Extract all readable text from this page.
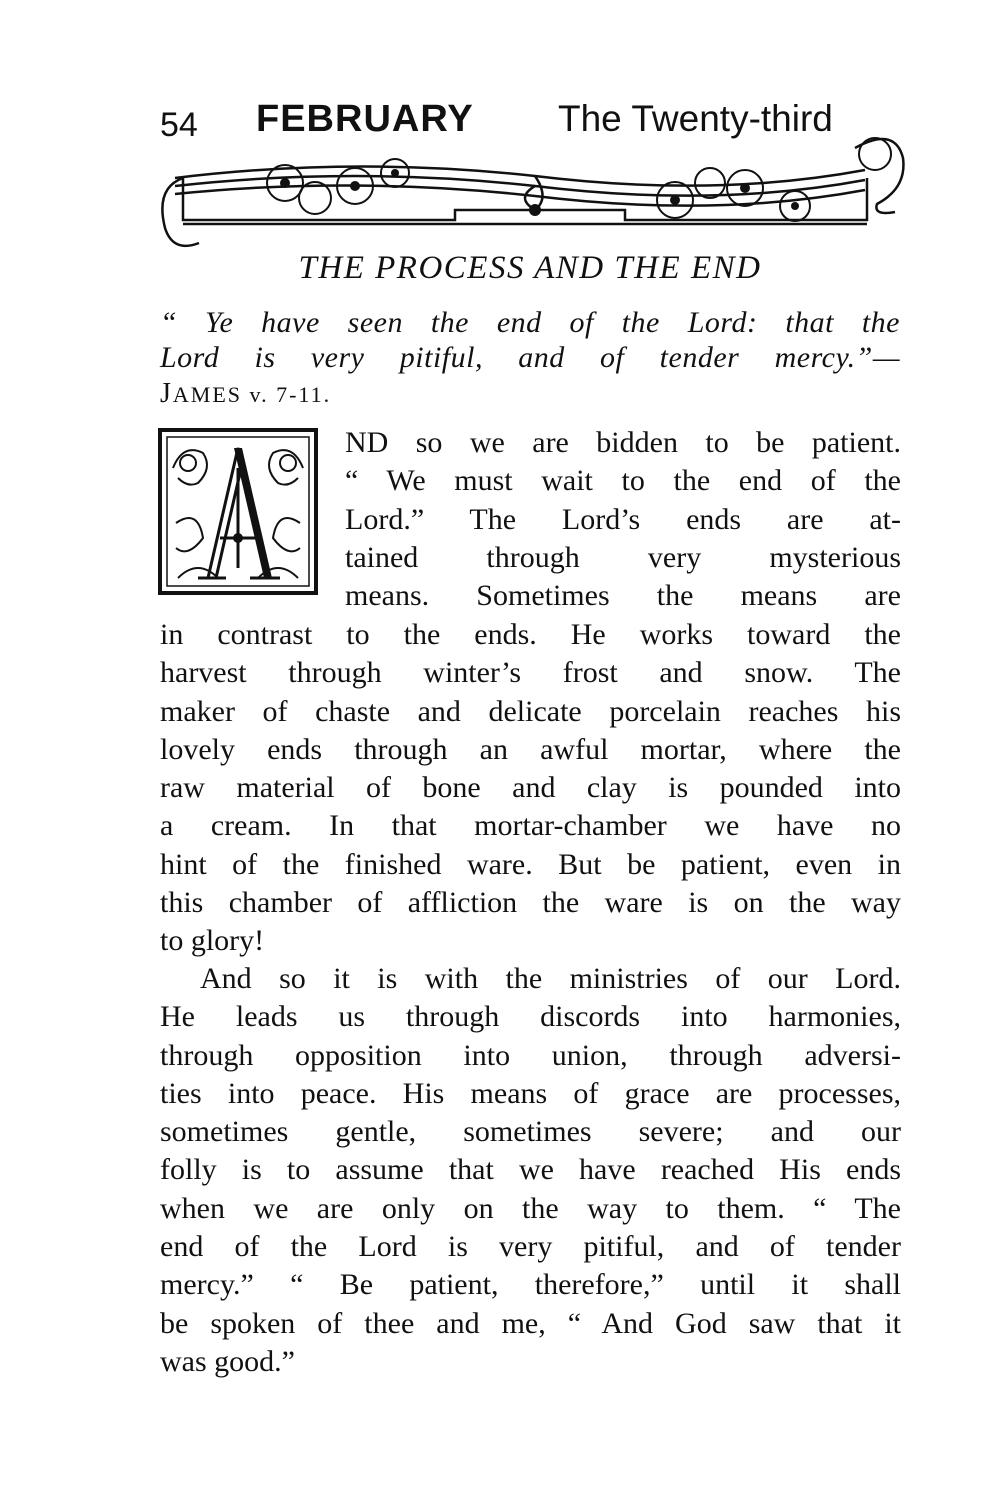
54 FEBRUARY The Twenty-third
THE PROCESS AND THE END
“ Ye have seen the end of the Lord: that the
Lord is very pitiful, and of tender mercy.”—
JAMES v. 7-11.
ND so we are bidden to be patient.
“ We must wait to the end of the
Lord.” The Lord’s ends are at-
tained through very mysterious
means. Sometimes the means are
in contrast to the ends. He works toward the
harvest through winter’s frost and snow. The
maker of chaste and delicate porcelain reaches his
lovely ends through an awful mortar, where the
raw material of bone and clay is pounded into
a cream. In that mortar-chamber we have no
hint of the finished ware. But be patient, even in
this chamber of affliction the ware is on the way
to glory!
And so it is with the ministries of our Lord.
He leads us through discords into harmonies,
through opposition into union, through adversi-
ties into peace. His means of grace are processes,
sometimes gentle, sometimes severe; and our
folly is to assume that we have reached His ends
when we are only on the way to them. “ The
end of the Lord is very pitiful, and of tender
mercy.” “ Be patient, therefore,” until it shall
be spoken of thee and me, “ And God saw that it
was good.”
